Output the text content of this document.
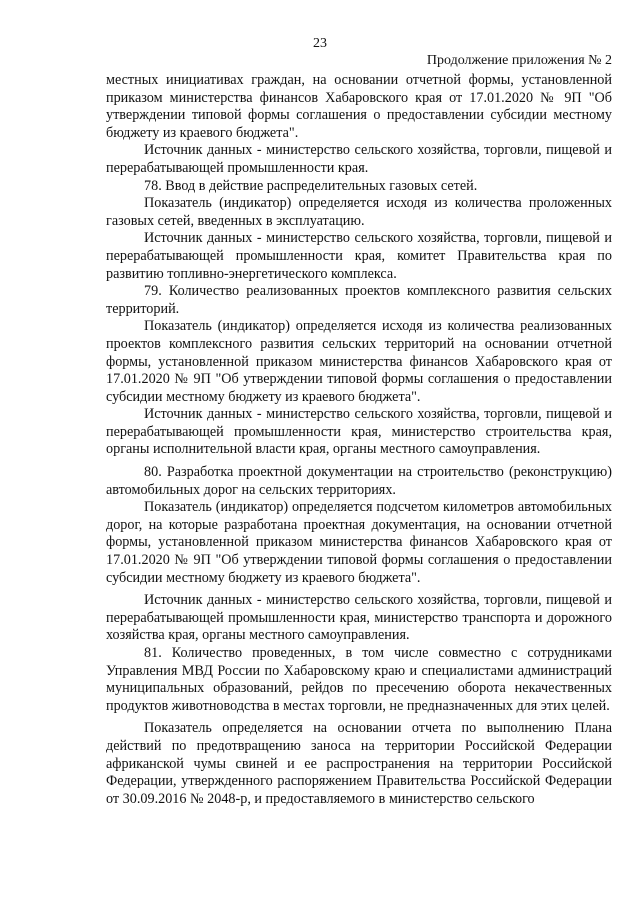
23
Продолжение приложения № 2

местных инициативах граждан, на основании отчетной формы, установленной приказом министерства финансов Хабаровского края от 17.01.2020 № 9П "Об утверждении типовой формы соглашения о предоставлении субсидии местному бюджету из краевого бюджета".

Источник данных - министерство сельского хозяйства, торговли, пищевой и перерабатывающей промышленности края.

78. Ввод в действие распределительных газовых сетей.

Показатель (индикатор) определяется исходя из количества проложенных газовых сетей, введенных в эксплуатацию.

Источник данных - министерство сельского хозяйства, торговли, пищевой и перерабатывающей промышленности края, комитет Правительства края по развитию топливно-энергетического комплекса.

79. Количество реализованных проектов комплексного развития сельских территорий.

Показатель (индикатор) определяется исходя из количества реализованных проектов комплексного развития сельских территорий на основании отчетной формы, установленной приказом министерства финансов Хабаровского края от 17.01.2020 № 9П "Об утверждении типовой формы соглашения о предоставлении субсидии местному бюджету из краевого бюджета".

Источник данных - министерство сельского хозяйства, торговли, пищевой и перерабатывающей промышленности края, министерство строительства края, органы исполнительной власти края, органы местного самоуправления.

80. Разработка проектной документации на строительство (реконструкцию) автомобильных дорог на сельских территориях.

Показатель (индикатор) определяется подсчетом километров автомобильных дорог, на которые разработана проектная документация, на основании отчетной формы, установленной приказом министерства финансов Хабаровского края от 17.01.2020 № 9П "Об утверждении типовой формы соглашения о предоставлении субсидии местному бюджету из краевого бюджета".

Источник данных - министерство сельского хозяйства, торговли, пищевой и перерабатывающей промышленности края, министерство транспорта и дорожного хозяйства края, органы местного самоуправления.

81. Количество проведенных, в том числе совместно с сотрудниками Управления МВД России по Хабаровскому краю и специалистами администраций муниципальных образований, рейдов по пресечению оборота некачественных продуктов животноводства в местах торговли, не предназначенных для этих целей.

Показатель определяется на основании отчета по выполнению Плана действий по предотвращению заноса на территории Российской Федерации африканской чумы свиней и ее распространения на территории Российской Федерации, утвержденного распоряжением Правительства Российской Федерации от 30.09.2016 № 2048-р, и предоставляемого в министерство сельского
